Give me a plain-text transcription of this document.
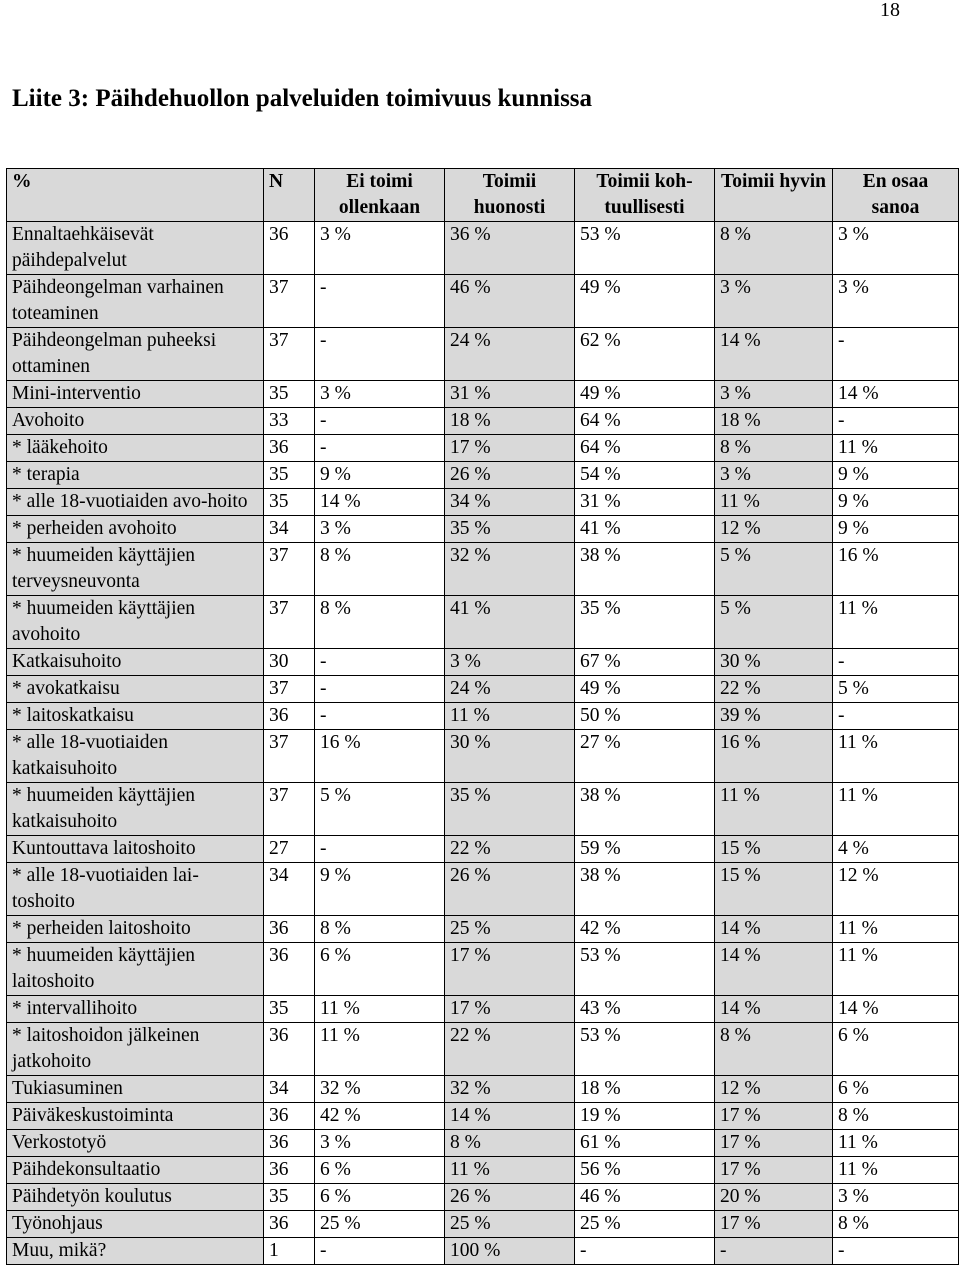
18
Liite 3: Päihdehuollon palveluiden toimivuus kunnissa
%	N	Ei toimi ollenkaan	Toimii huonosti	Toimii koh-tuullisesti	Toimii hyvin	En osaa sanoa
Ennaltaehkäisevät päihdepalvelut	36	3 %	36 %	53 %	8 %	3 %
Päihdeongelman varhainen toteaminen	37	-	46 %	49 %	3 %	3 %
Päihdeongelman puheeksi ottaminen	37	-	24 %	62 %	14 %	-
Mini-interventio	35	3 %	31 %	49 %	3 %	14 %
Avohoito	33	-	18 %	64 %	18 %	-
* lääkehoito	36	-	17 %	64 %	8 %	11 %
* terapia	35	9 %	26 %	54 %	3 %	9 %
* alle 18-vuotiaiden avo-hoito	35	14 %	34 %	31 %	11 %	9 %
* perheiden avohoito	34	3 %	35 %	41 %	12 %	9 %
* huumeiden käyttäjien terveysneuvonta	37	8 %	32 %	38 %	5 %	16 %
* huumeiden käyttäjien avohoito	37	8 %	41 %	35 %	5 %	11 %
Katkaisuhoito	30	-	3 %	67 %	30 %	-
* avokatkaisu	37	-	24 %	49 %	22 %	5 %
* laitoskatkaisu	36	-	11 %	50 %	39 %	-
* alle 18-vuotiaiden katkaisuhoito	37	16 %	30 %	27 %	16 %	11 %
* huumeiden käyttäjien katkaisuhoito	37	5 %	35 %	38 %	11 %	11 %
Kuntouttava laitoshoito	27	-	22 %	59 %	15 %	4 %
* alle 18-vuotiaiden lai-toshoito	34	9 %	26 %	38 %	15 %	12 %
* perheiden laitoshoito	36	8 %	25 %	42 %	14 %	11 %
* huumeiden käyttäjien laitoshoito	36	6 %	17 %	53 %	14 %	11 %
* intervallihoito	35	11 %	17 %	43 %	14 %	14 %
* laitoshoidon jälkeinen jatkohoito	36	11 %	22 %	53 %	8 %	6 %
Tukiasuminen	34	32 %	32 %	18 %	12 %	6 %
Päiväkeskustoiminta	36	42 %	14 %	19 %	17 %	8 %
Verkostotyö	36	3 %	8 %	61 %	17 %	11 %
Päihdekonsultaatio	36	6 %	11 %	56 %	17 %	11 %
Päihdetyön koulutus	35	6 %	26 %	46 %	20 %	3 %
Työnohjaus	36	25 %	25 %	25 %	17 %	8 %
Muu, mikä?	1	-	100 %	-	-	-
